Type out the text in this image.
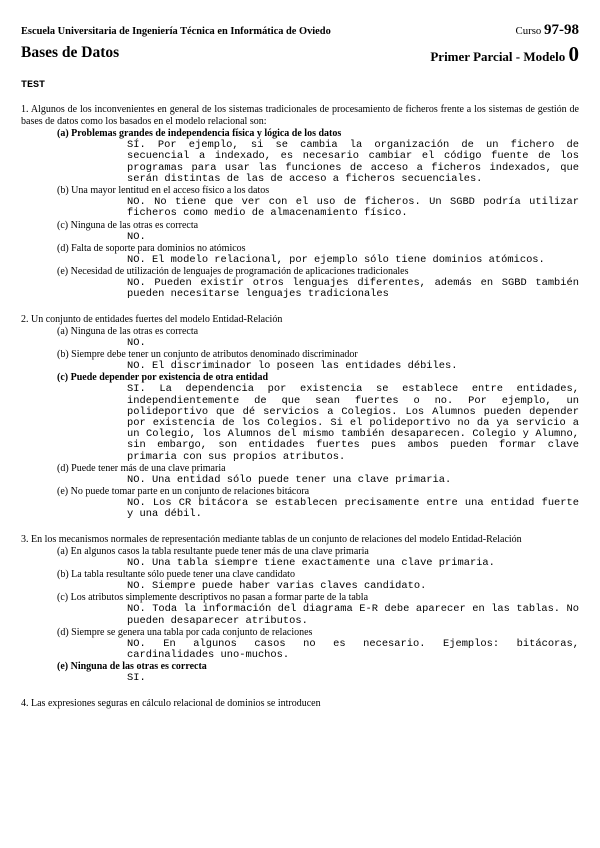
Escuela Universitaria de Ingeniería Técnica en Informática de Oviedo	Curso 97-98
Bases de Datos	Primer Parcial - Modelo 0
TEST
1. Algunos de los inconvenientes en general de los sistemas tradicionales de procesamiento de ficheros frente a los sistemas de gestión de bases de datos como los basados en el modelo relacional son:
(a) Problemas grandes de independencia física y lógica de los datos
SÍ. Por ejemplo, si se cambia la organización de un fichero de secuencial a indexado, es necesario cambiar el código fuente de los programas para usar las funciones de acceso a ficheros indexados, que serán distintas de las de acceso a ficheros secuenciales.
(b) Una mayor lentitud en el acceso físico a los datos
NO. No tiene que ver con el uso de ficheros. Un SGBD podría utilizar ficheros como medio de almacenamiento físico.
(c) Ninguna de las otras es correcta
NO.
(d) Falta de soporte para dominios no atómicos
NO. El modelo relacional, por ejemplo sólo tiene dominios atómicos.
(e) Necesidad de utilización de lenguajes de programación de aplicaciones tradicionales
NO. Pueden existir otros lenguajes diferentes, además en SGBD también pueden necesitarse lenguajes tradicionales
2. Un conjunto de entidades fuertes del modelo Entidad-Relación
(a) Ninguna de las otras es correcta
NO.
(b) Siempre debe tener un conjunto de atributos denominado discriminador
NO. El discriminador lo poseen las entidades débiles.
(c) Puede depender por existencia de otra entidad
SI. La dependencia por existencia se establece entre entidades, independientemente de que sean fuertes o no. Por ejemplo, un polideportivo que dé servicios a Colegios. Los Alumnos pueden depender por existencia de los Colegios. Si el polideportivo no da ya servicio a un Colegio, los Alumnos del mismo también desaparecen. Colegio y Alumno, sin embargo, son entidades fuertes pues ambos pueden formar clave primaria con sus propios atributos.
(d) Puede tener más de una clave primaria
NO. Una entidad sólo puede tener una clave primaria.
(e) No puede tomar parte en un conjunto de relaciones bitácora
NO. Los CR bitácora se establecen precisamente entre una entidad fuerte y una débil.
3. En los mecanismos normales de representación mediante tablas de un conjunto de relaciones del modelo Entidad-Relación
(a) En algunos casos la tabla resultante puede tener más de una clave primaria
NO. Una tabla siempre tiene exactamente una clave primaria.
(b) La tabla resultante sólo puede tener una clave candidato
NO. Siempre puede haber varias claves candidato.
(c) Los atributos simplemente descriptivos no pasan a formar parte de la tabla
NO. Toda la información del diagrama E-R debe aparecer en las tablas. No pueden desaparecer atributos.
(d) Siempre se genera una tabla por cada conjunto de relaciones
NO. En algunos casos no es necesario. Ejemplos: bitácoras, cardinalidades uno-muchos.
(e) Ninguna de las otras es correcta
SI.
4. Las expresiones seguras en cálculo relacional de dominios se introducen
